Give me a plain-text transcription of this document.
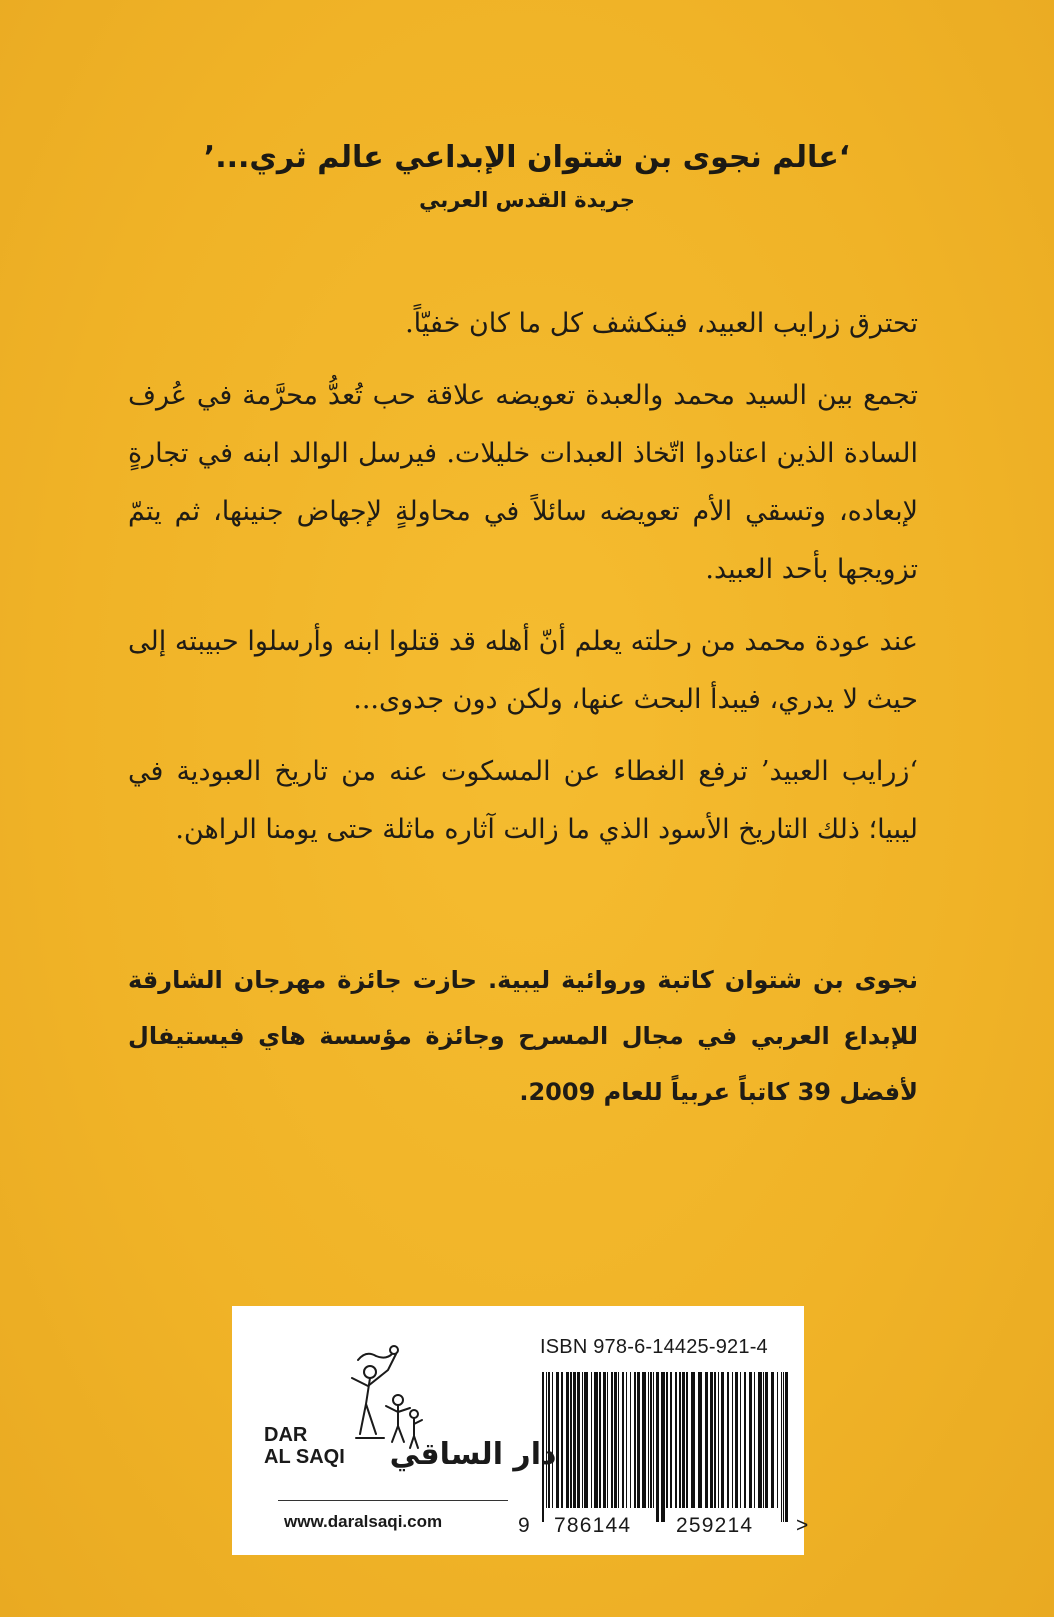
‘عالم نجوى بن شتوان الإبداعي عالم ثري...’
جريدة القدس العربي

تحترق زرايب العبيد، فينكشف كل ما كان خفيّاً.

تجمع بين السيد محمد والعبدة تعويضه علاقة حب تُعدُّ محرَّمة في عُرف السادة الذين اعتادوا اتّخاذ العبدات خليلات. فيرسل الوالد ابنه في تجارةٍ لإبعاده، وتسقي الأم تعويضه سائلاً في محاولةٍ لإجهاض جنينها، ثم يتمّ تزويجها بأحد العبيد.

عند عودة محمد من رحلته يعلم أنّ أهله قد قتلوا ابنه وأرسلوا حبيبته إلى حيث لا يدري، فيبدأ البحث عنها، ولكن دون جدوى...

‘زرايب العبيد’ ترفع الغطاء عن المسكوت عنه من تاريخ العبودية في ليبيا؛ ذلك التاريخ الأسود الذي ما زالت آثاره ماثلة حتى يومنا الراهن.

نجوى بن شتوان كاتبة وروائية ليبية. حازت جائزة مهرجان الشارقة للإبداع العربي في مجال المسرح وجائزة مؤسسة هاي فيستيفال لأفضل 39 كاتباً عربياً للعام 2009.

ISBN 978-6-14425-921-4
9 786144 259214 >
DAR
AL SAQI دار الساقي
www.daralsaqi.com
